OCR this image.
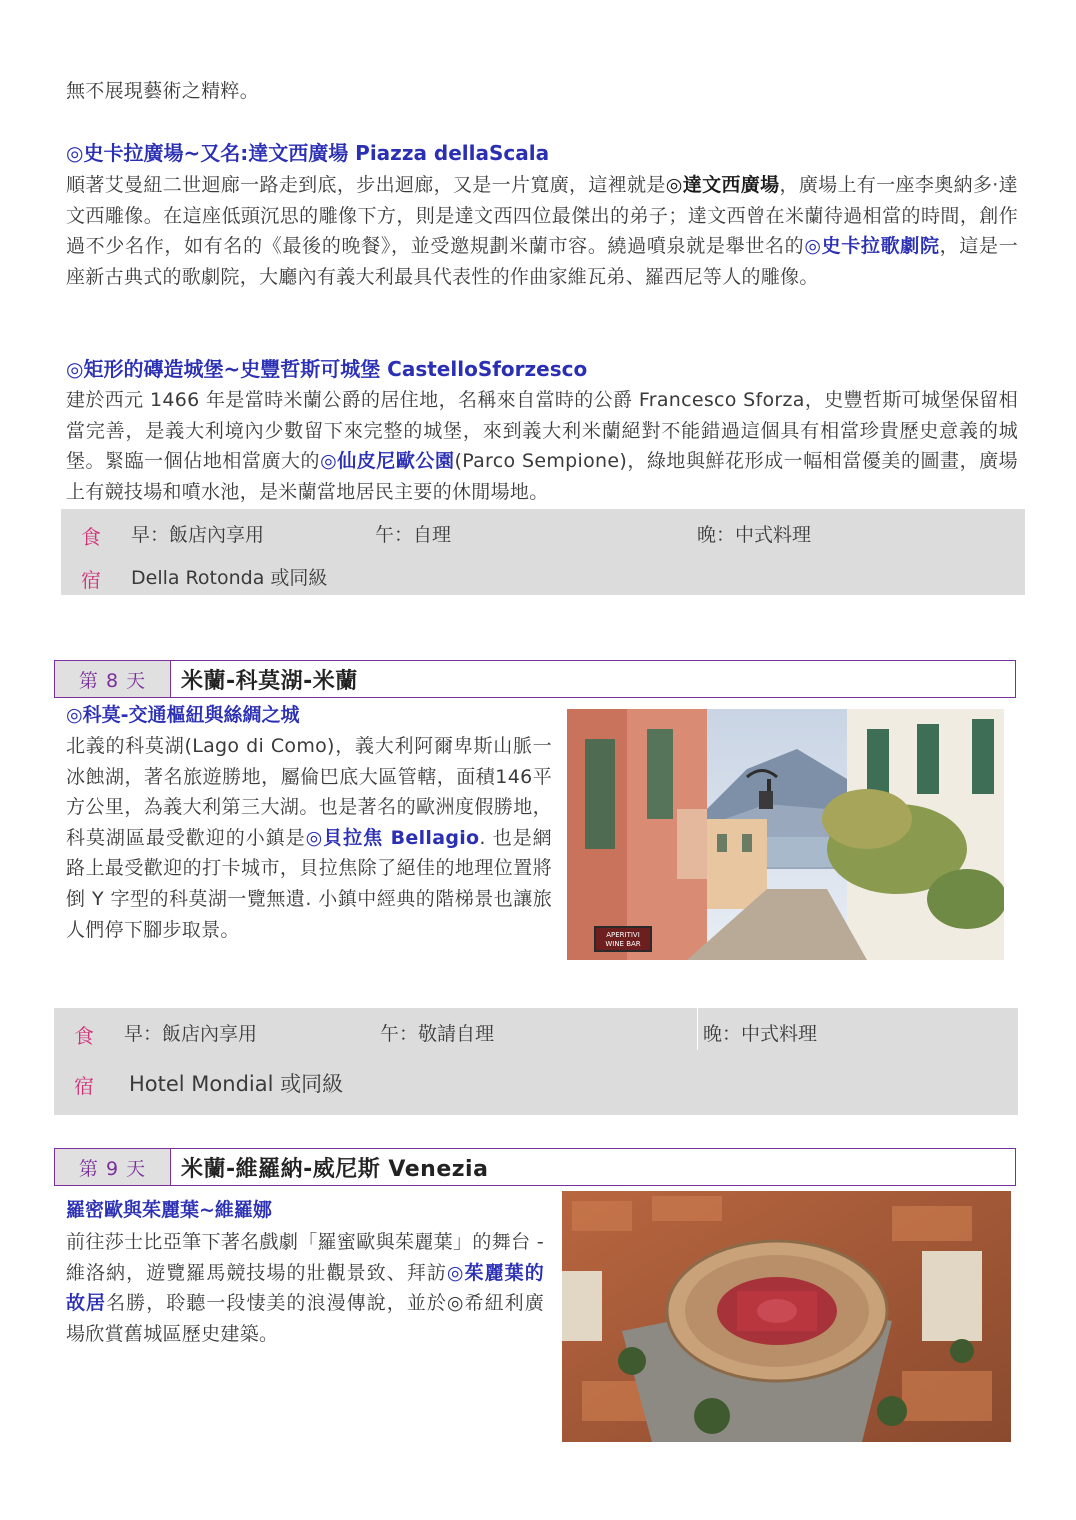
無不展現藝術之精粹。
◎史卡拉廣場~又名:達文西廣場 Piazza dellaScala
順著艾曼紐二世迴廊一路走到底，步出迴廊，又是一片寬廣，這裡就是◎達文西廣場，廣場上有一座李奧納多‧達文西雕像。在這座低頭沉思的雕像下方，則是達文西四位最傑出的弟子；達文西曾在米蘭待過相當的時間，創作過不少名作，如有名的《最後的晚餐》，並受邀規劃米蘭市容。繞過噴泉就是舉世名的◎史卡拉歌劇院，這是一座新古典式的歌劇院，大廳內有義大利最具代表性的作曲家維瓦弟、羅西尼等人的雕像。
◎矩形的磚造城堡~史豐哲斯可城堡 CastelloSforzesco
建於西元 1466 年是當時米蘭公爵的居住地，名稱來自當時的公爵 Francesco Sforza，史豐哲斯可城堡保留相當完善，是義大利境內少數留下來完整的城堡，來到義大利米蘭絕對不能錯過這個具有相當珍貴歷史意義的城堡。緊臨一個佔地相當廣大的◎仙皮尼歐公園(Parco Sempione)，綠地與鮮花形成一幅相當優美的圖畫，廣場上有競技場和噴水池，是米蘭當地居民主要的休閒場地。
食 早：飯店內享用	午：自理	晚：中式料理
宿 Della Rotonda 或同級
第 8 天	米蘭-科莫湖-米蘭
◎科莫-交通樞紐與絲綢之城
北義的科莫湖(Lago di Como)，義大利阿爾卑斯山脈一冰蝕湖，著名旅遊勝地，屬倫巴底大區管轄，面積146平方公里，為義大利第三大湖。也是著名的歐洲度假勝地，科莫湖區最受歡迎的小鎮是◎貝拉焦 Bellagio. 也是網路上最受歡迎的打卡城市，貝拉焦除了絕佳的地理位置將倒 Y 字型的科莫湖一覽無遺. 小鎮中經典的階梯景也讓旅人們停下腳步取景。	APERITIVI
WINE BAR
食 早：飯店內享用	午：敬請自理	晚：中式料理
宿 Hotel Mondial 或同級
第 9 天	米蘭-維羅納-威尼斯 Venezia
羅密歐與茱麗葉~維羅娜
前往莎士比亞筆下著名戲劇「羅蜜歐與茱麗葉」的舞台 - 維洛納，遊覽羅馬競技場的壯觀景致、拜訪◎茱麗葉的故居名勝，聆聽一段悽美的浪漫傳說，並於◎希紐利廣場欣賞舊城區歷史建築。
